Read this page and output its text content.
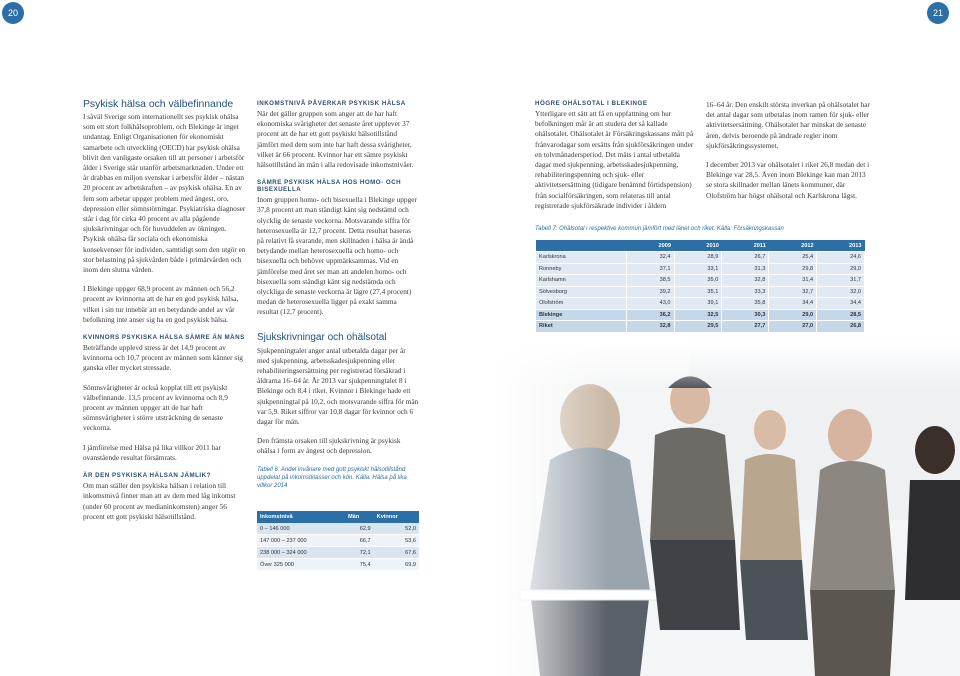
20	21
Psykisk hälsa och välbefinnande

I såväl Sverige som internationellt ses psykisk ohälsa som ett stort folkhälsoproblem, och Blekinge är inget undantag. Enligt Organisationen för ekonomiskt samarbete och utveckling (OECD) har psykisk ohälsa blivit den vanligaste orsaken till att personer i arbetsför ålder i Sverige står utanför arbetsmarknaden. Under ett år drabbas en miljon svenskar i arbetsför ålder – nästan 20 procent av arbetskraften – av psykisk ohälsa. En av fem som arbetar uppger problem med ångest, oro, depression eller sömnstörningar. Psykiatriska diagnoser står i dag för cirka 40 procent av alla pågående sjukskrivningar och för huvuddelen av ökningen. Psykisk ohälsa får sociala och ekonomiska konsekvenser för individen, samtidigt som den utgör en stor belastning på sjukvården både i primärvården och inom den slutna vården.

I Blekinge uppger 68,9 procent av männen och 56,2 procent av kvinnorna att de har en god psykisk hälsa, vilket i sin tur innebär att en betydande andel av vår befolkning inte anser sig ha en god psykisk hälsa.

KVINNORS PSYKISKA HÄLSA SÄMRE ÄN MÄNS

Beträffande upplevd stress är det 14,9 procent av kvinnorna och 10,7 procent av männen som känner sig ganska eller mycket stressade.

Sömnsvårigheter är också kopplat till ett psykiskt välbefinnande. 13,5 procent av kvinnorna och 8,9 procent av männen uppger att de har haft sömnsvårigheter i större utsträckning de senaste veckorna.

I jämförelse med Hälsa på lika villkor 2011 har ovanstående resultat försämrats.

ÄR DEN PSYKISKA HÄLSAN JÄMLIK?

Om man ställer den psykiska hälsan i relation till inkomstnivå finner man att av dem med låg inkomst (under 60 procent av medianinkomsten) anger 56 procent ett gott psykiskt hälsotillstånd.

INKOMSTNIVÅ PÅVERKAR PSYKISK HÄLSA

När det gäller gruppen som anger att de har haft ekonomiska svårigheter det senaste året upplever 37 procent att de har ett gott psykiskt hälsotillstånd jämfört med dem som inte har haft dessa svårigheter, vilket är 66 procent. Kvinnor har ett sämre psykiskt hälsotillstånd än män i alla redovisade inkomstnivåer.

SÄMRE PSYKISK HÄLSA HOS HOMO- OCH BISEXUELLA

Inom gruppen homo- och bisexuella i Blekinge uppger 37,8 procent att man ständigt känt sig nedstämd och olycklig de senaste veckorna. Motsvarande siffra för heterosexuella är 12,7 procent. Detta resultat baseras på relativt få svarande, men skillnaden i hälsa är ändå betydande mellan heterosexuella och homo- och bisexuella och behöver uppmärksammas. Vid en jämförelse med året ser man att andelen homo- och bisexuella som ständigt känt sig nedstämda och olyckliga de senaste veckorna är lägre (27,4 procent) medan de heterosexuella ligger på exakt samma resultat (12,7 procent).

Sjukskrivningar och ohälsotal

Sjukpenningtalet anger antal utbetalda dagar per år med sjukpenning, arbetsskadesjukpenning eller rehabiliteringsersättning per registrerad försäkrad i åldrarna 16–64 år. År 2013 var sjukpenningtalet 8 i Blekinge och 8,4 i riket. Kvinnor i Blekinge hade ett sjukpenningtal på 10,2, och motsvarande siffra för män var 5,9. Riket siffror var 10,8 dagar för kvinnor och 6 dagar för män.

Den främsta orsaken till sjukskrivning är psykisk ohälsa i form av ångest och depression.

Tabell 6: Andel invånare med gott psykiskt hälsotillstånd uppdelat på inkomstklasser och kön. Källa: Hälsa på lika villkor 2014

Inkomstnivå	Män	Kvinnor
0 – 146 000	62,9	52,0
147 000 – 237 000	66,7	53,6
238 000 – 324 000	72,1	67,6
Över 325 000	75,4	69,9
HÖGRE OHÄLSOTAL I BLEKINGE

Ytterligare ett sätt att få en uppfattning om hur befolkningen mår är att studera det så kallade ohälsotalet. Ohälsotalet är Försäkringskassans mått på frånvarodagar som ersätts från sjukförsäkringen under en tolvmånadersperiod. Det mäts i antal utbetalda dagar med sjukpenning, arbetsskadesjukpenning, rehabiliteringspenning och sjuk- eller aktivitetsersättning (tidigare benämnd förtidspension) från socialförsäkringen, som relateras till antal registrerade sjukförsäkrade individer i åldern

16–64 år. Den enskilt största inverkan på ohälsotalet har det antal dagar som utbetalas inom ramen för sjuk- eller aktivitetsersättning. Ohälsotalet har minskat de senaste åren, delvis beroende på ändrade regler inom sjukförsäkringssystemet.

I december 2013 var ohälsotalet i riket 26,8 medan det i Blekinge var 28,5. Även inom Blekinge kan man 2013 se stora skillnader mellan länets kommuner, där Olofström har högst ohälsotal och Karlskrona lägst.

Tabell 7: Ohälsotal i respektive kommun jämfört med länet och riket. Källa: Försäkringskassan

	2009	2010	2011	2012	2013
Karlskrona	32,4	28,9	26,7	25,4	24,6
Ronneby	37,1	33,1	31,3	29,8	29,0
Karlshamn	38,5	35,0	32,8	31,4	31,7
Sölvesborg	39,2	35,1	33,3	32,7	32,0
Olofström	43,0	39,1	35,8	34,4	34,4
Blekinge	36,2	32,5	30,3	29,0	28,5
Riket	32,8	29,5	27,7	27,0	26,8
